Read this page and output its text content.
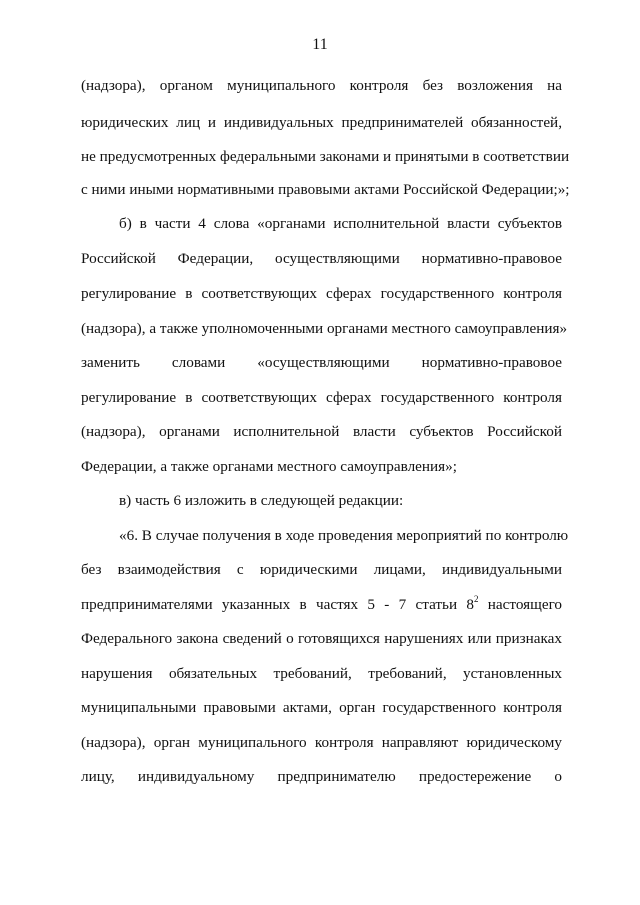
11
(надзора), органом муниципального контроля без возложения на
юридических лиц и индивидуальных предпринимателей обязанностей,
не предусмотренных федеральными законами и принятыми в соответствии
с ними иными нормативными правовыми актами Российской Федерации;»;
б) в части 4 слова «органами исполнительной власти субъектов
Российской Федерации, осуществляющими нормативно-правовое
регулирование в соответствующих сферах государственного контроля
(надзора), а также уполномоченными органами местного самоуправления»
заменить словами «осуществляющими нормативно-правовое
регулирование в соответствующих сферах государственного контроля
(надзора), органами исполнительной власти субъектов Российской
Федерации, а также органами местного самоуправления»;
в) часть 6 изложить в следующей редакции:
«6. В случае получения в ходе проведения мероприятий по контролю
без взаимодействия с юридическими лицами, индивидуальными
предпринимателями указанных в частях 5 - 7 статьи $8^2$ настоящего
Федерального закона сведений о готовящихся нарушениях или признаках
нарушения обязательных требований, требований, установленных
муниципальными правовыми актами, орган государственного контроля
(надзора), орган муниципального контроля направляют юридическому
лицу, индивидуальному предпринимателю предостережение о
